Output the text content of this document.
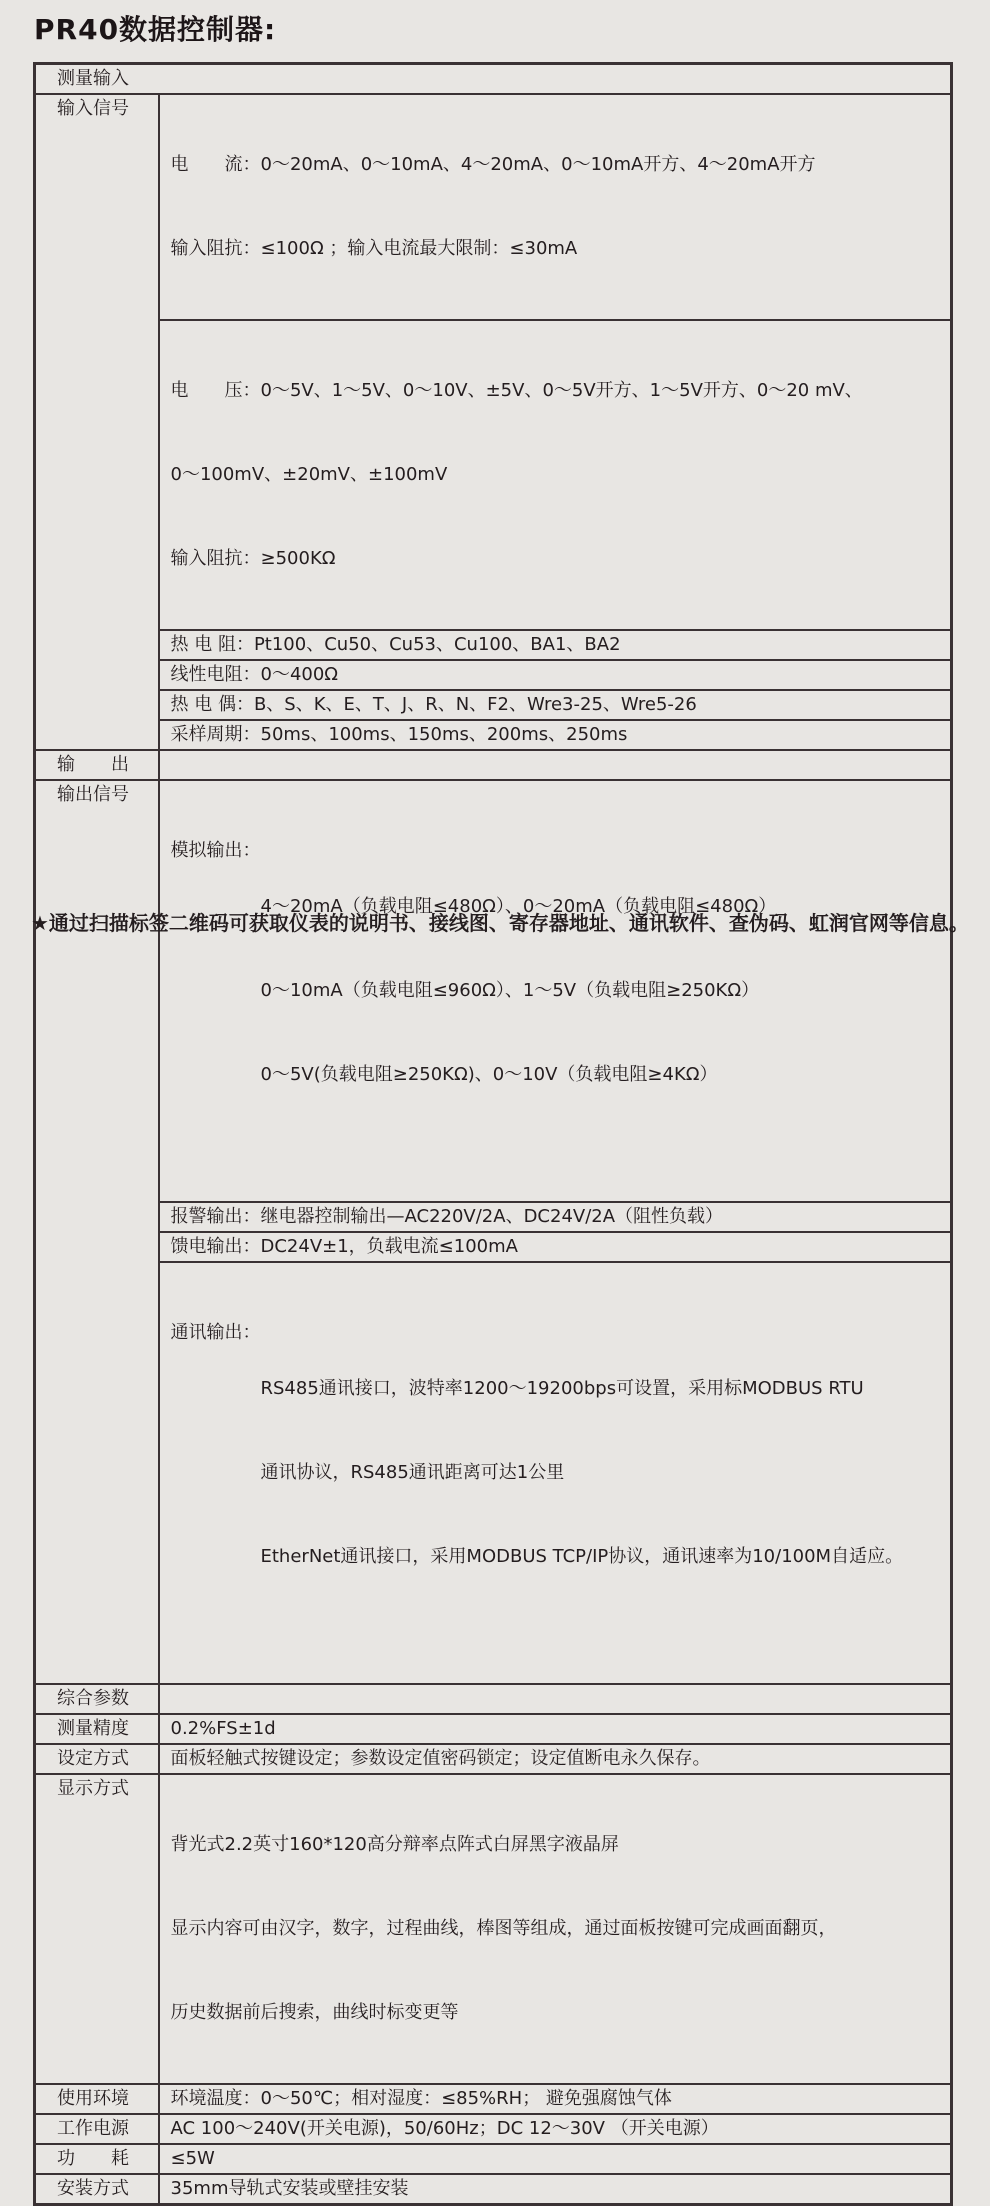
PR40数据控制器:
测量输入	
输入信号	电　　流：0～20mA、0～10mA、4～20mA、0～10mA开方、4～20mA开方

输入阻抗：≤100Ω ；输入电流最大限制：≤30mA

	电　　压：0～5V、1～5V、0～10V、±5V、0～5V开方、1～5V开方、0～20 mV、

0～100mV、±20mV、±100mV

输入阻抗：≥500KΩ

	热 电 阻：Pt100、Cu50、Cu53、Cu100、BA1、BA2
	线性电阻：0～400Ω
	热 电 偶：B、S、K、E、T、J、R、N、F2、Wre3-25、Wre5-26
	采样周期：50ms、100ms、150ms、200ms、250ms
输　　出	
输出信号	模拟输出：

4～20mA（负载电阻≤480Ω）、0～20mA（负载电阻≤480Ω）

0～10mA（负载电阻≤960Ω）、1～5V（负载电阻≥250KΩ）

0～5V(负载电阻≥250KΩ)、0～10V（负载电阻≥4KΩ）

	报警输出：继电器控制输出—AC220V/2A、DC24V/2A（阻性负载）
	馈电输出：DC24V±1，负载电流≤100mA

	通讯输出：

RS485通讯接口，波特率1200～19200bps可设置，采用标MODBUS RTU

通讯协议，RS485通讯距离可达1公里

EtherNet通讯接口，采用MODBUS TCP/IP协议，通讯速率为10/100M自适应。

综合参数	
测量精度	0.2%FS±1d
设定方式	面板轻触式按键设定；参数设定值密码锁定；设定值断电永久保存。
显示方式	背光式2.2英寸160*120高分辩率点阵式白屏黑字液晶屏

显示内容可由汉字，数字，过程曲线，棒图等组成，通过面板按键可完成画面翻页，

历史数据前后搜索，曲线时标变更等

使用环境	环境温度：0～50℃；相对湿度：≤85%RH； 避免强腐蚀气体
工作电源	AC 100～240V(开关电源)，50/60Hz；DC 12～30V （开关电源）
功　　耗	≤5W
安装方式	35mm导轨式安装或壁挂安装
★通过扫描标签二维码可获取仪表的说明书、接线图、寄存器地址、通讯软件、查伪码、虹润官网等信息。
